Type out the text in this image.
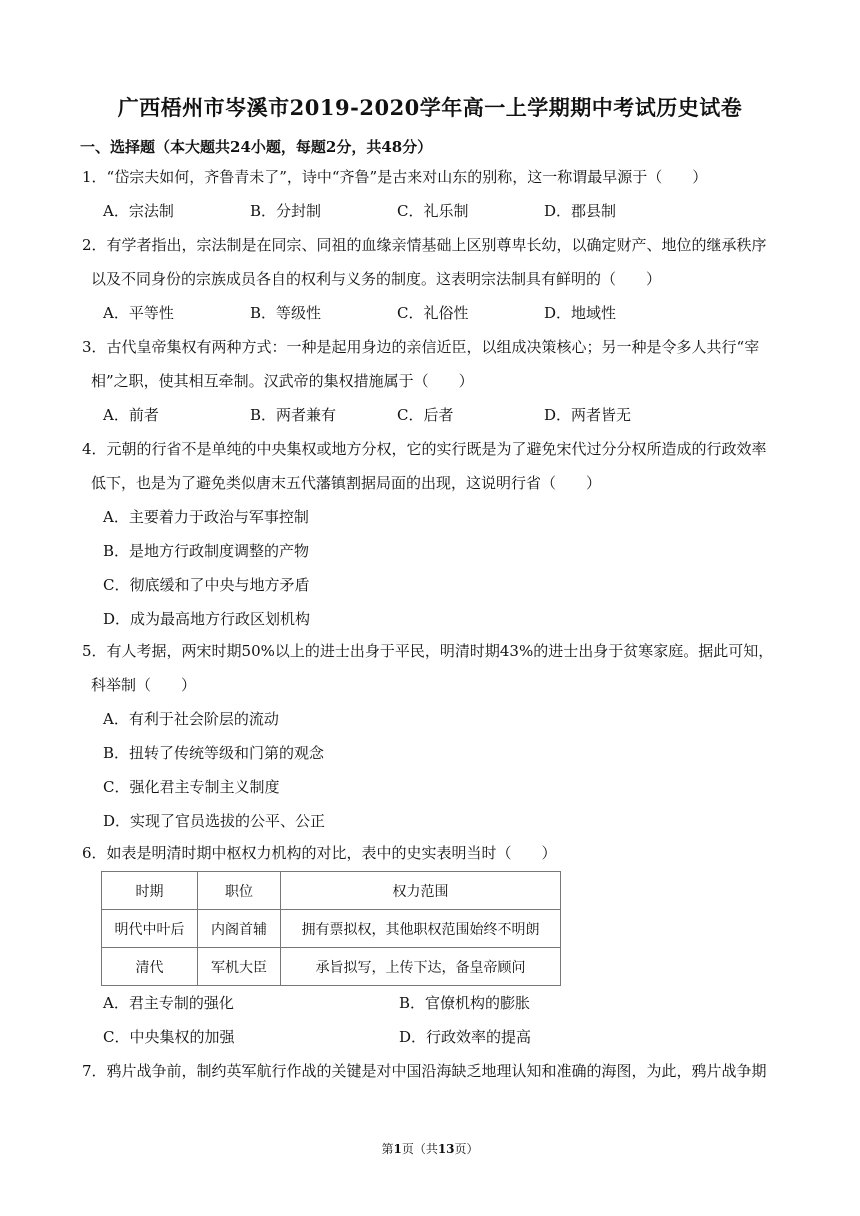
广西梧州市岑溪市2019-2020学年高一上学期期中考试历史试卷
一、选择题（本大题共24小题，每题2分，共48分）
1．“岱宗夫如何，齐鲁青未了”，诗中“齐鲁”是古来对山东的别称，这一称谓最早源于（　　）
A．宗法制	B．分封制	C．礼乐制	D．郡县制
2．有学者指出，宗法制是在同宗、同祖的血缘亲情基础上区别尊卑长幼，以确定财产、地位的继承秩序
以及不同身份的宗族成员各自的权利与义务的制度。这表明宗法制具有鲜明的（　　）
A．平等性	B．等级性	C．礼俗性	D．地域性
3．古代皇帝集权有两种方式：一种是起用身边的亲信近臣，以组成决策核心；另一种是令多人共行“宰
相”之职，使其相互牵制。汉武帝的集权措施属于（　　）
A．前者	B．两者兼有	C．后者	D．两者皆无
4．元朝的行省不是单纯的中央集权或地方分权，它的实行既是为了避免宋代过分分权所造成的行政效率
低下，也是为了避免类似唐末五代藩镇割据局面的出现，这说明行省（　　）
A．主要着力于政治与军事控制
B．是地方行政制度调整的产物
C．彻底缓和了中央与地方矛盾
D．成为最高地方行政区划机构
5．有人考据，两宋时期50%以上的进士出身于平民，明清时期43%的进士出身于贫寒家庭。据此可知，
科举制（　　）
A．有利于社会阶层的流动
B．扭转了传统等级和门第的观念
C．强化君主专制主义制度
D．实现了官员选拔的公平、公正
6．如表是明清时期中枢权力机构的对比，表中的史实表明当时（　　）
时期	职位	权力范围
明代中叶后	内阁首辅	拥有票拟权，其他职权范围始终不明朗
清代	军机大臣	承旨拟写，上传下达，备皇帝顾问
A．君主专制的强化	B．官僚机构的膨胀
C．中央集权的加强	D．行政效率的提高
7．鸦片战争前，制约英军航行作战的关键是对中国沿海缺乏地理认知和准确的海图，为此，鸦片战争期
第1页（共13页）
